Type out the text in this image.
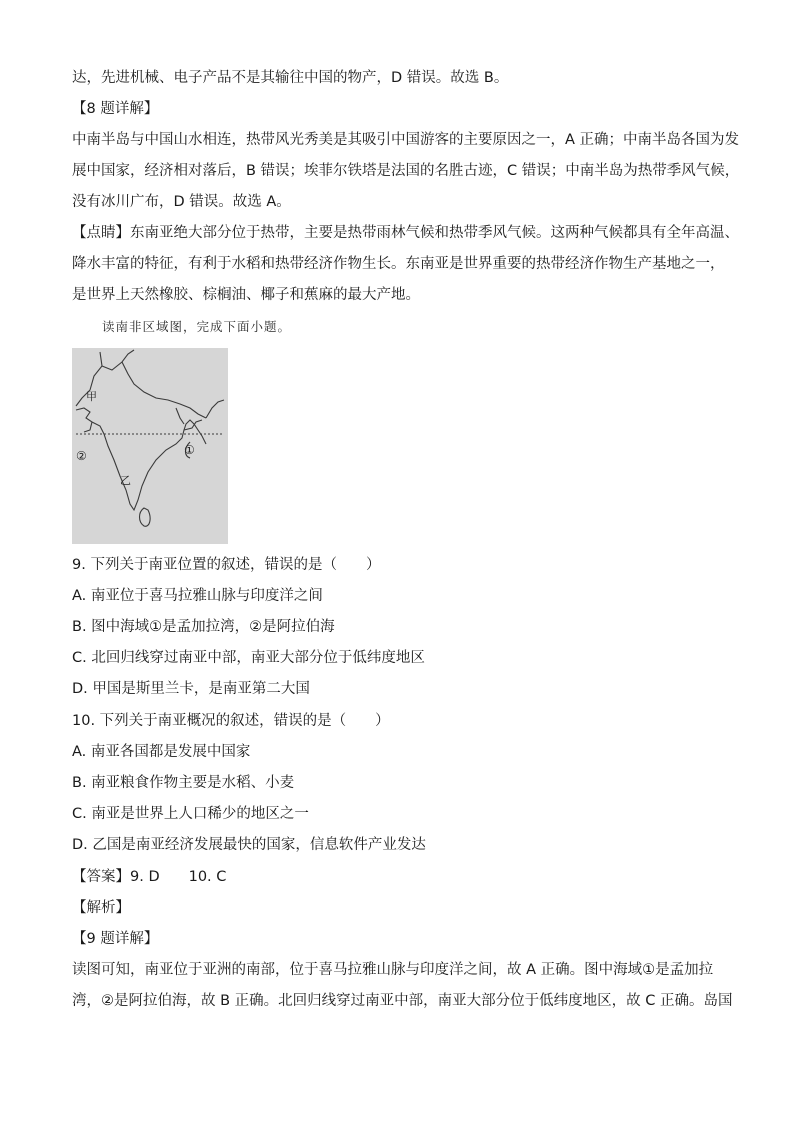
达，先进机械、电子产品不是其输往中国的物产，D 错误。故选 B。
【8 题详解】
中南半岛与中国山水相连，热带风光秀美是其吸引中国游客的主要原因之一，A 正确；中南半岛各国为发
展中国家，经济相对落后，B 错误；埃菲尔铁塔是法国的名胜古迹，C 错误；中南半岛为热带季风气候，
没有冰川广布，D 错误。故选 A。
【点睛】东南亚绝大部分位于热带，主要是热带雨林气候和热带季风气候。这两种气候都具有全年高温、
降水丰富的特征，有利于水稻和热带经济作物生长。东南亚是世界重要的热带经济作物生产基地之一，
是世界上天然橡胶、棕榈油、椰子和蕉麻的最大产地。
读南非区域图，完成下面小题。
甲
乙
①
②
9. 下列关于南亚位置的叙述，错误的是（　　）
A. 南亚位于喜马拉雅山脉与印度洋之间
B. 图中海域①是孟加拉湾，②是阿拉伯海
C. 北回归线穿过南亚中部，南亚大部分位于低纬度地区
D. 甲国是斯里兰卡，是南亚第二大国
10. 下列关于南亚概况的叙述，错误的是（　　）
A. 南亚各国都是发展中国家
B. 南亚粮食作物主要是水稻、小麦
C. 南亚是世界上人口稀少的地区之一
D. 乙国是南亚经济发展最快的国家，信息软件产业发达
【答案】9. D　　10. C
【解析】
【9 题详解】
读图可知，南亚位于亚洲的南部，位于喜马拉雅山脉与印度洋之间，故 A 正确。图中海域①是孟加拉
湾，②是阿拉伯海，故 B 正确。北回归线穿过南亚中部，南亚大部分位于低纬度地区，故 C 正确。岛国
